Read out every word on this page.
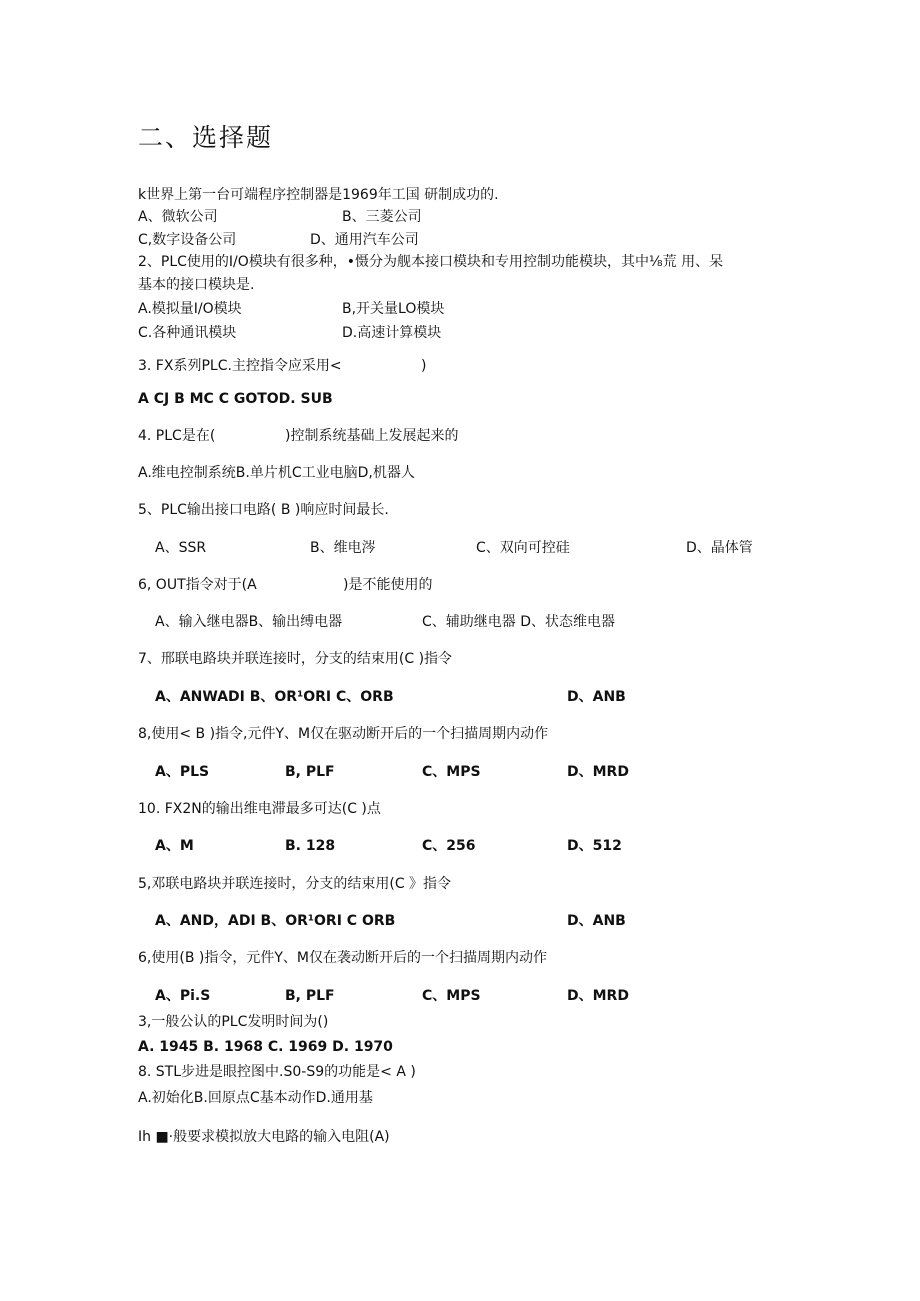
二、选择题
k世界上第一台可端程序控制器是1969年工国 研制成功的.
A、微软公司	B、三菱公司
C,数字设备公司	D、通用汽车公司
2、PLC使用的I/O模块有很多种，•慑分为舰本接口模块和专用控制功能模块，其中⅛荒 用、呆
基本的接口模块是.
A.模拟量I/O模块	B,开关量LO模块
C.各种通讯模块	D.高速计算模块
3. FX系列PLC.主控指令应采用<	)
A CJ B MC C GOTOD. SUB
4. PLC是在(	)控制系统基础上发展起来的
A.维电控制系统B.单片机C工业电脑D,机器人
5、PLC输出接口电路( B )响应时间最长.
A、SSR	B、维电涔	C、双向可控硅	D、晶体管
6, OUT指令对于(A	)是不能使用的
A、输入继电器B、输出缚电器	C、辅助继电器 D、状态维电器
7、邢联电路块并联连接时，分支的结束用(C )指令
A、ANWADI B、OR¹ORI C、ORB	D、ANB
8,使用< B )指令,元件Y、M仅在驱动断开后的一个扫描周期内动作
A、PLS	B, PLF	C、MPS	D、MRD
10. FX2N的输出维电滞最多可达(C )点
A、M	B. 128	C、256	D、512
5,邓联电路块并联连接时，分支的结束用(C 》指令
A、AND，ADI B、OR¹ORI C ORB	D、ANB
6,使用(B )指令，元件Y、M仅在袭动断开后的一个扫描周期内动作
A、Pi.S	B, PLF	C、MPS	D、MRD
3,一般公认的PLC发明时间为()
A. 1945 B. 1968 C. 1969 D. 1970
8. STL步进是眼控图中.S0-S9的功能是< A )
A.初始化B.回原点C基本动作D.通用基
Ih ■·般要求模拟放大电路的输入电阻(A)
